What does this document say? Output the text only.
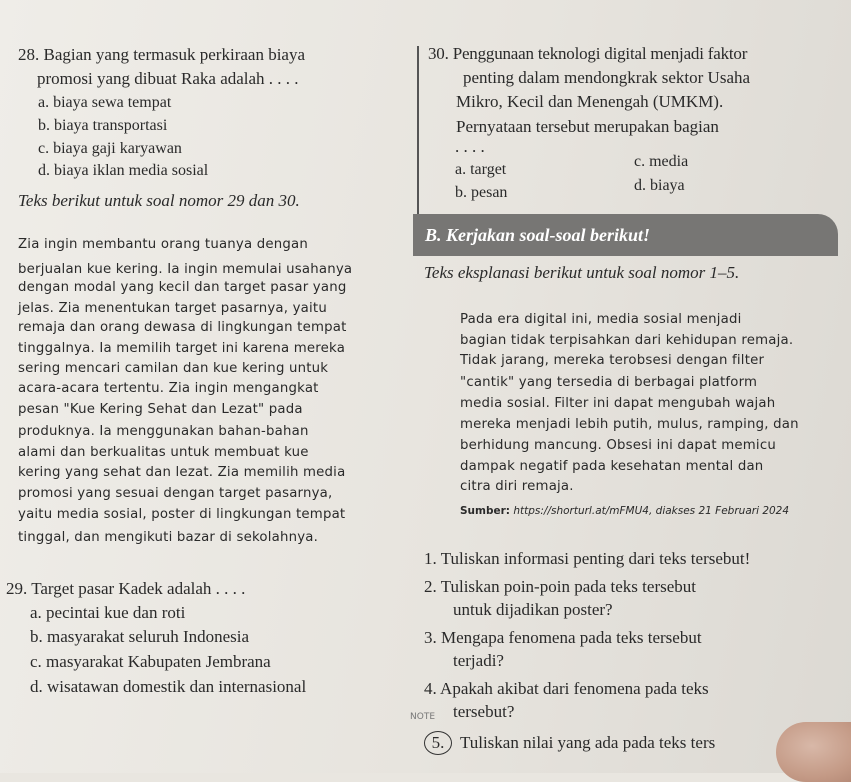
28. Bagian yang termasuk perkiraan biaya
promosi yang dibuat Raka adalah . . . .
a. biaya sewa tempat
b. biaya transportasi
c. biaya gaji karyawan
d. biaya iklan media sosial
Teks berikut untuk soal nomor 29 dan 30.
30. Penggunaan teknologi digital menjadi faktor
penting dalam mendongkrak sektor Usaha
Mikro, Kecil dan Menengah (UMKM).
Pernyataan tersebut merupakan bagian
. . . .
a. target
b. pesan
c. media
d. biaya
Zia ingin membantu orang tuanya dengan
berjualan kue kering. Ia ingin memulai usahanya
dengan modal yang kecil dan target pasar yang
jelas. Zia menentukan target pasarnya, yaitu
remaja dan orang dewasa di lingkungan tempat
tinggalnya. Ia memilih target ini karena mereka
sering mencari camilan dan kue kering untuk
acara-acara tertentu. Zia ingin mengangkat
pesan "Kue Kering Sehat dan Lezat" pada
produknya. Ia menggunakan bahan-bahan
alami dan berkualitas untuk membuat kue
kering yang sehat dan lezat. Zia memilih media
promosi yang sesuai dengan target pasarnya,
yaitu media sosial, poster di lingkungan tempat
tinggal, dan mengikuti bazar di sekolahnya.
29. Target pasar Kadek adalah . . . .
a. pecintai kue dan roti
b. masyarakat seluruh Indonesia
c. masyarakat Kabupaten Jembrana
d. wisatawan domestik dan internasional
B. Kerjakan soal-soal berikut!
Teks eksplanasi berikut untuk soal nomor 1–5.
Pada era digital ini, media sosial menjadi
bagian tidak terpisahkan dari kehidupan remaja.
Tidak jarang, mereka terobsesi dengan filter
"cantik" yang tersedia di berbagai platform
media sosial. Filter ini dapat mengubah wajah
mereka menjadi lebih putih, mulus, ramping, dan
berhidung mancung. Obsesi ini dapat memicu
dampak negatif pada kesehatan mental dan
citra diri remaja.
Sumber: https://shorturl.at/mFMU4, diakses 21 Februari 2024
1. Tuliskan informasi penting dari teks tersebut!
2. Tuliskan poin-poin pada teks tersebut
untuk dijadikan poster?
3. Mengapa fenomena pada teks tersebut
terjadi?
4. Apakah akibat dari fenomena pada teks
tersebut?
NOTE
5. Tuliskan nilai yang ada pada teks ters
